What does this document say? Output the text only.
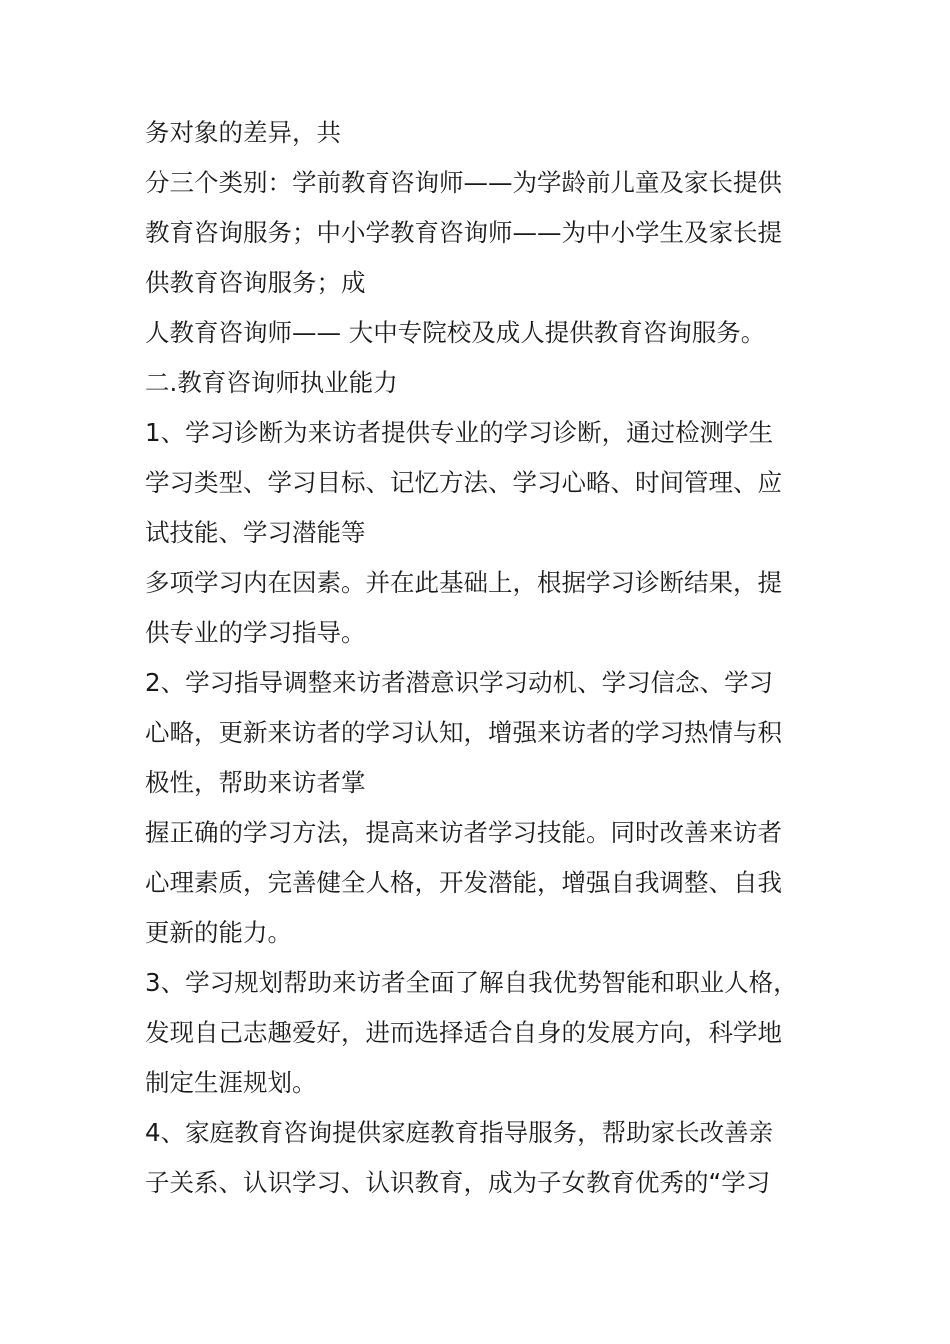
务对象的差异，共

分三个类别：学前教育咨询师——为学龄前儿童及家长提供

教育咨询服务；中小学教育咨询师——为中小学生及家长提

供教育咨询服务；成

人教育咨询师—— 大中专院校及成人提供教育咨询服务。

二.教育咨询师执业能力

1、学习诊断为来访者提供专业的学习诊断，通过检测学生

学习类型、学习目标、记忆方法、学习心略、时间管理、应

试技能、学习潜能等

多项学习内在因素。并在此基础上，根据学习诊断结果，提

供专业的学习指导。

2、学习指导调整来访者潜意识学习动机、学习信念、学习

心略，更新来访者的学习认知，增强来访者的学习热情与积

极性，帮助来访者掌

握正确的学习方法，提高来访者学习技能。同时改善来访者

心理素质，完善健全人格，开发潜能，增强自我调整、自我

更新的能力。

3、学习规划帮助来访者全面了解自我优势智能和职业人格，

发现自己志趣爱好，进而选择适合自身的发展方向，科学地

制定生涯规划。

4、家庭教育咨询提供家庭教育指导服务，帮助家长改善亲

子关系、认识学习、认识教育，成为子女教育优秀的“学习
